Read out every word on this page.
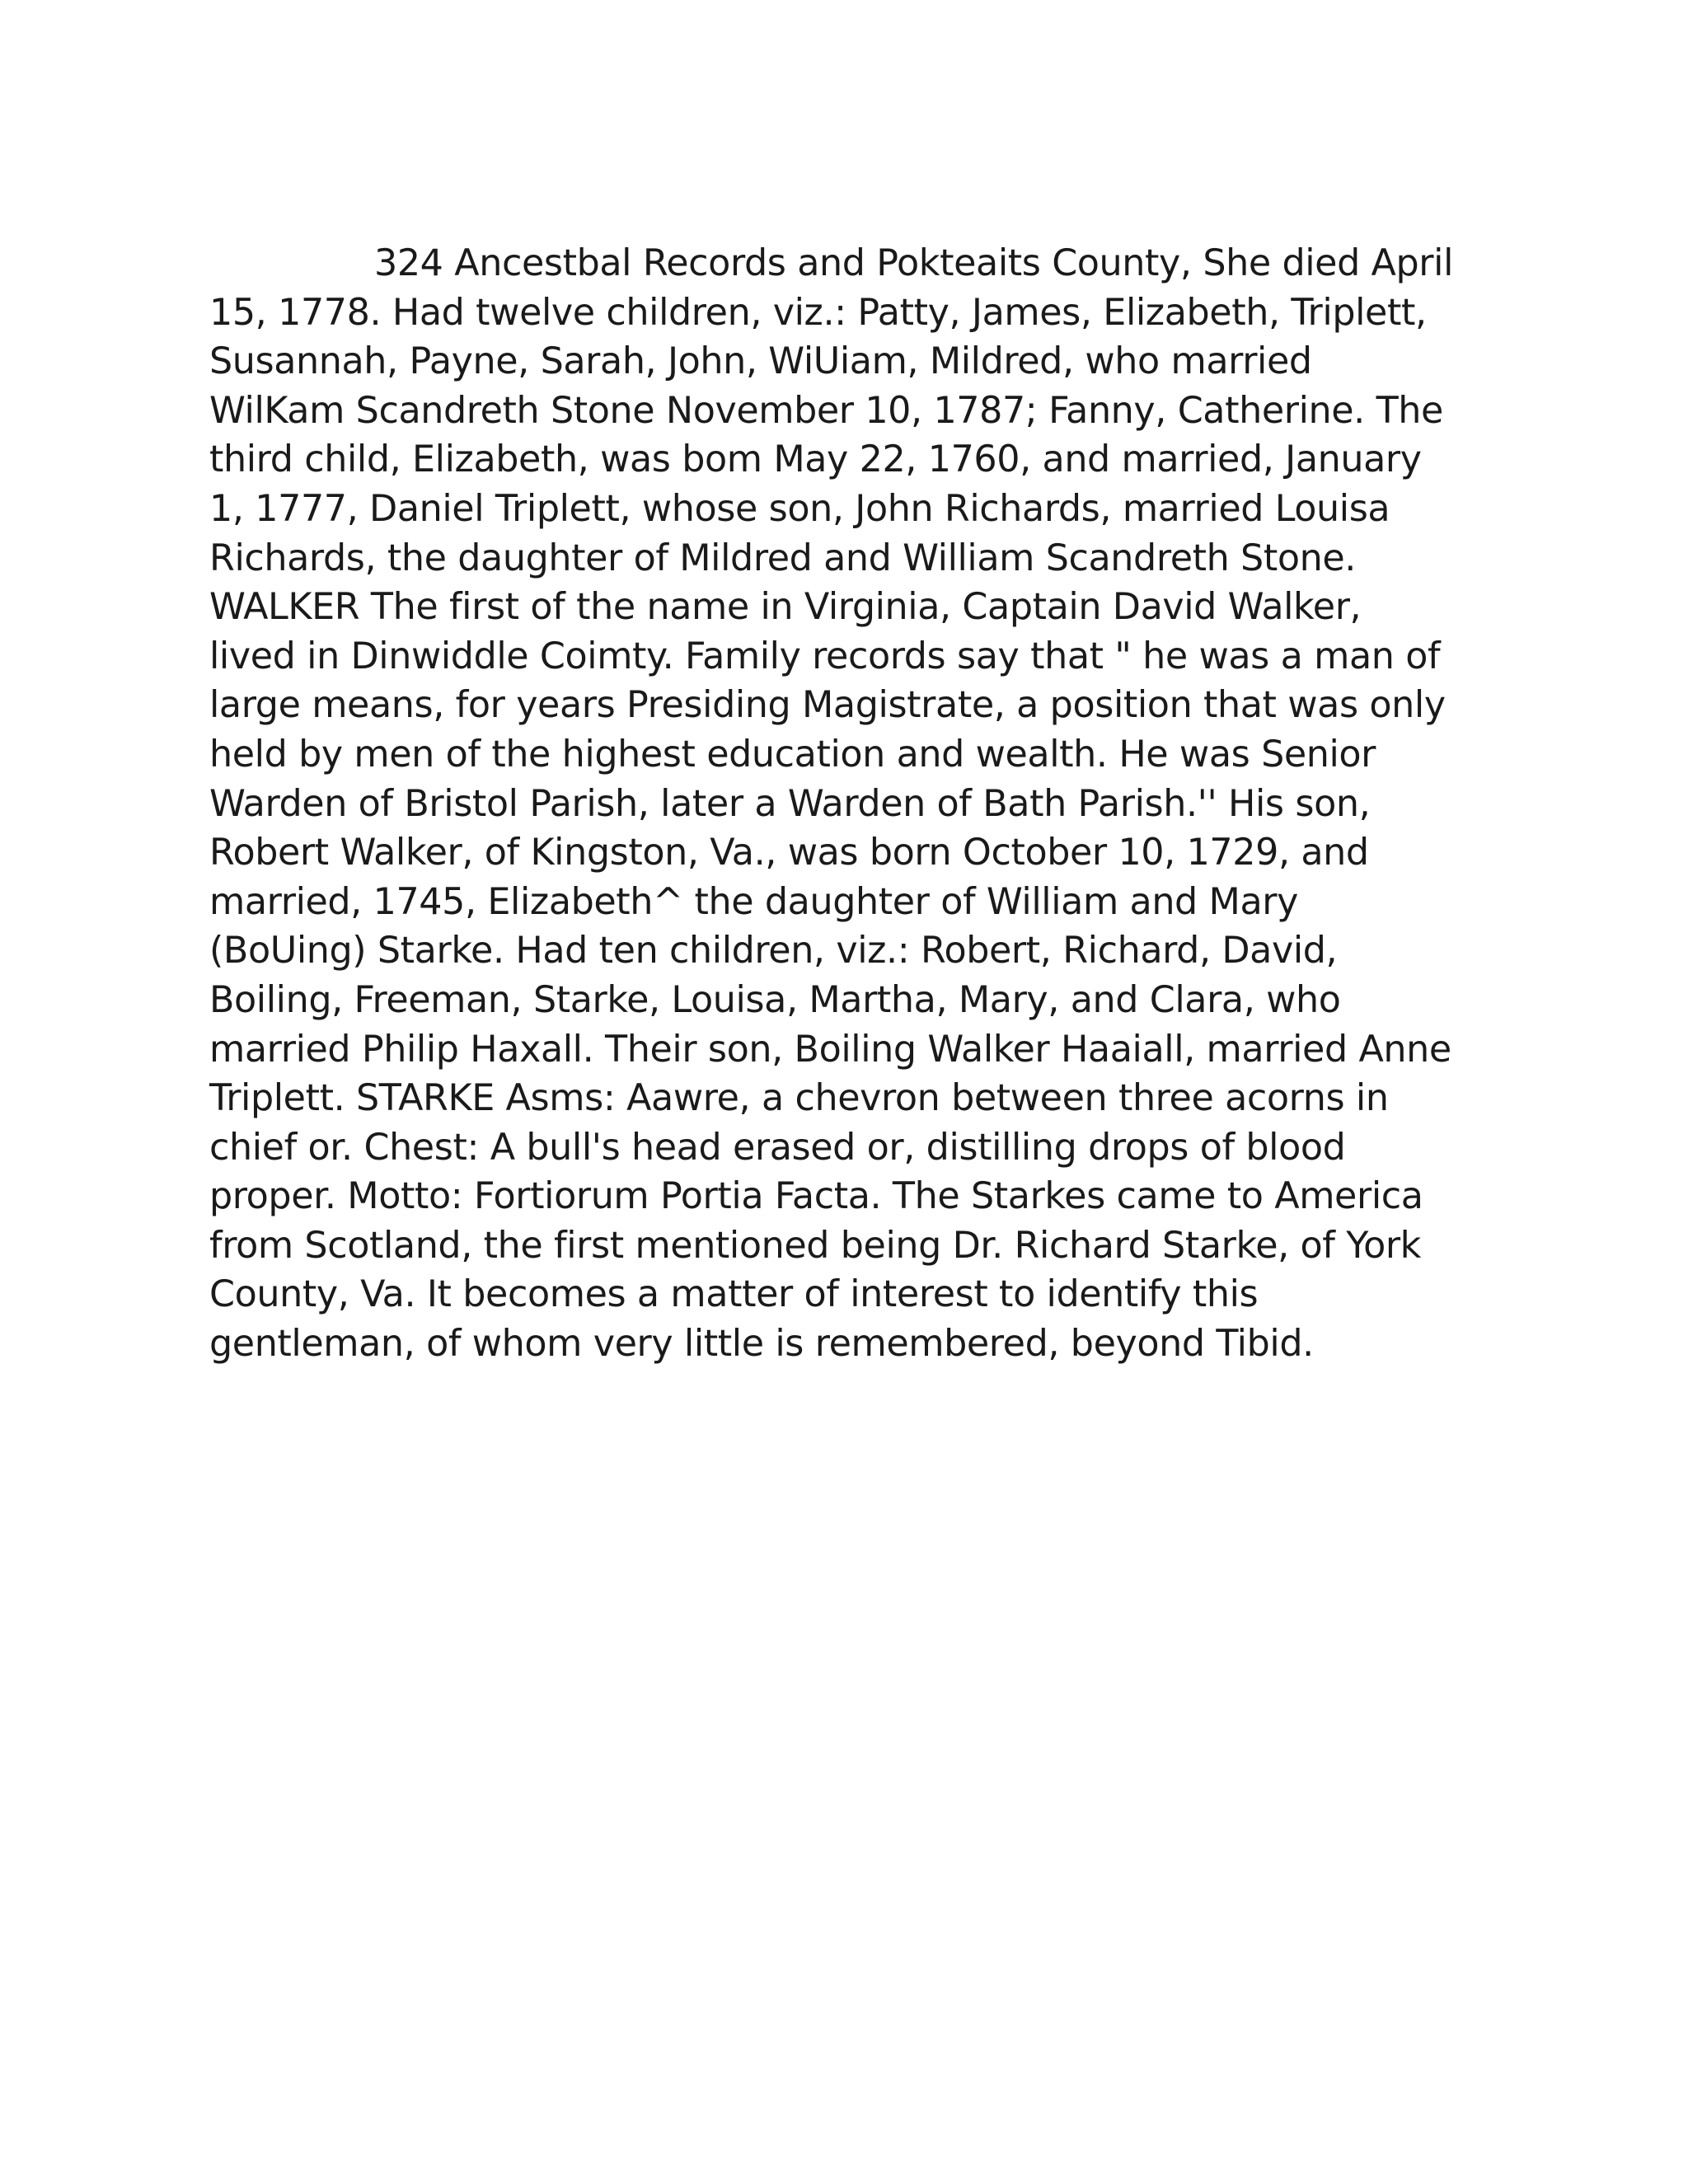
324 Ancestbal Records and Pokteaits County, She died April
15, 1778. Had twelve children, viz.: Patty, James, Elizabeth, Triplett,
Susannah, Payne, Sarah, John, WiUiam, Mildred, who married
WilKam Scandreth Stone November 10, 1787; Fanny, Catherine. The
third child, Elizabeth, was bom May 22, 1760, and married, January
1, 1777, Daniel Triplett, whose son, John Richards, married Louisa
Richards, the daughter of Mildred and William Scandreth Stone.
WALKER The first of the name in Virginia, Captain David Walker,
lived in Dinwiddle Coimty. Family records say that " he was a man of
large means, for years Presiding Magistrate, a position that was only
held by men of the highest education and wealth. He was Senior
Warden of Bristol Parish, later a Warden of Bath Parish.'' His son,
Robert Walker, of Kingston, Va., was born October 10, 1729, and
married, 1745, Elizabeth^ the daughter of William and Mary
(BoUing) Starke. Had ten children, viz.: Robert, Richard, David,
Boiling, Freeman, Starke, Louisa, Martha, Mary, and Clara, who
married Philip Haxall. Their son, Boiling Walker Haaiall, married Anne
Triplett. STARKE Asms: Aawre, a chevron between three acorns in
chief or. Chest: A bull's head erased or, distilling drops of blood
proper. Motto: Fortiorum Portia Facta. The Starkes came to America
from Scotland, the first mentioned being Dr. Richard Starke, of York
County, Va. It becomes a matter of interest to identify this
gentleman, of whom very little is remembered, beyond Tibid.
